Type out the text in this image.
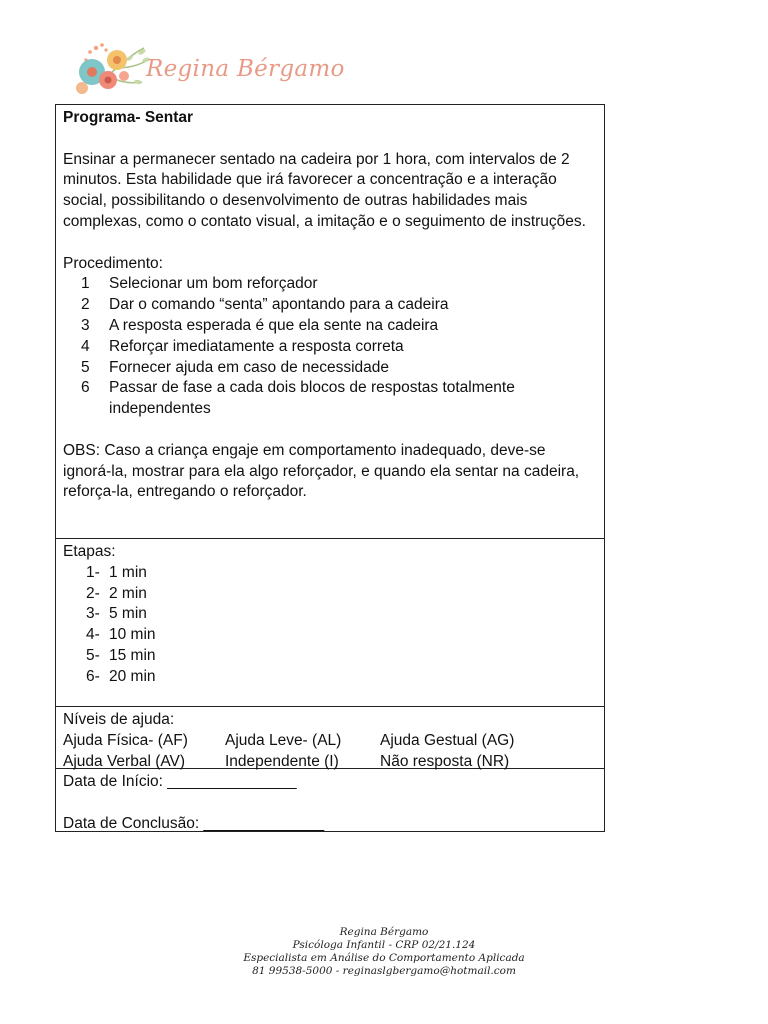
Regina Bérgamo

Programa- Sentar

Ensinar a permanecer sentado na cadeira por 1 hora, com intervalos de 2 minutos. Esta habilidade que irá favorecer a concentração e a interação social, possibilitando o desenvolvimento de outras habilidades mais complexas, como o contato visual, a imitação e o seguimento de instruções.

Procedimento:

1	Selecionar um bom reforçador
2	Dar o comando “senta” apontando para a cadeira
3	A resposta esperada é que ela sente na cadeira
4	Reforçar imediatamente a resposta correta
5	Fornecer ajuda em caso de necessidade
6	Passar de fase a cada dois blocos de respostas totalmente independentes

OBS: Caso a criança engaje em comportamento inadequado, deve-se ignorá-la, mostrar para ela algo reforçador, e quando ela sentar na cadeira, reforça-la, entregando o reforçador.

Etapas:

1- 1 min
2- 2 min
3- 5 min
4- 10 min
5- 15 min
6- 20 min

Níveis de ajuda:

Ajuda Física- (AF)	Ajuda Leve- (AL)	Ajuda Gestual (AG)
Ajuda Verbal (AV)	Independente (I)	Não resposta (NR)

Data de Início: _______________

Data de Conclusão: ______________

Regina Bérgamo
Psicóloga Infantil - CRP 02/21.124
Especialista em Análise do Comportamento Aplicada
81 99538-5000 - reginaslgbergamo@hotmail.com
